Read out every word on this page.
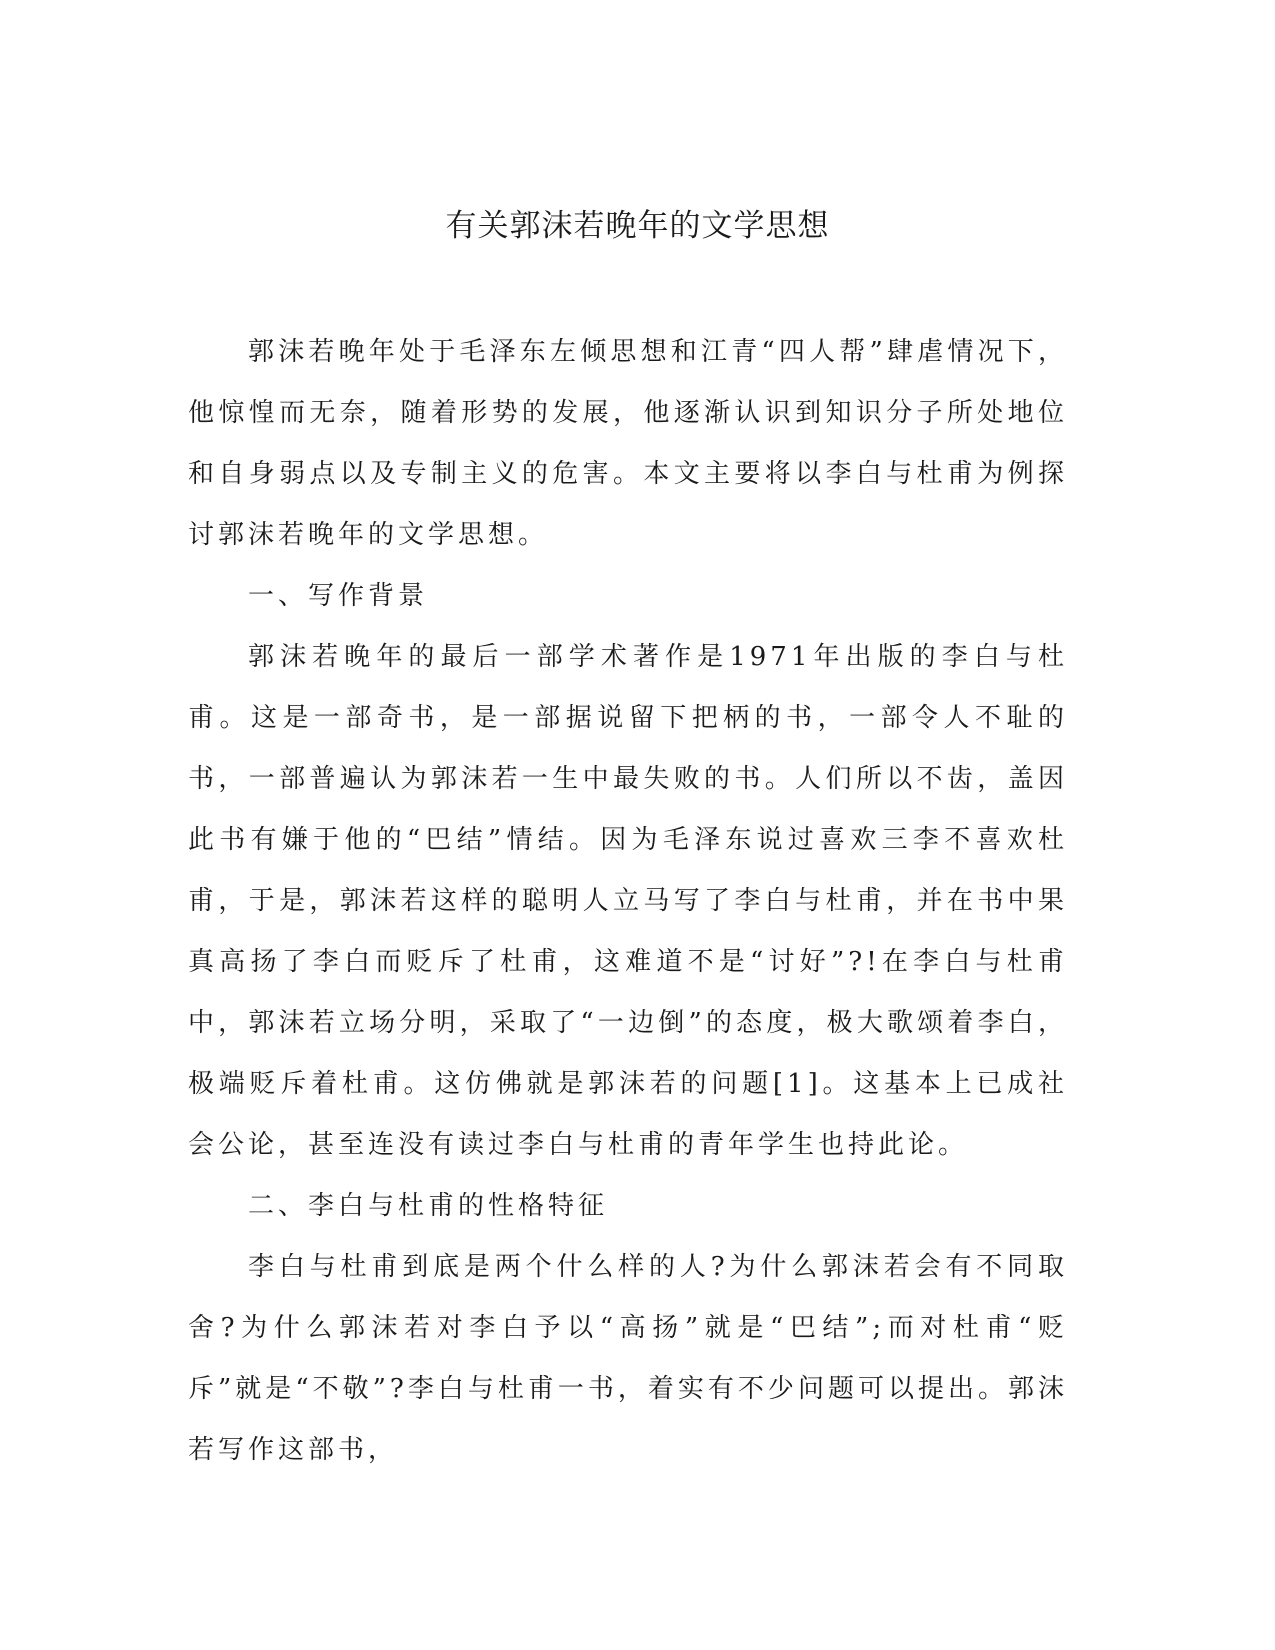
有关郭沫若晚年的文学思想

郭沫若晚年处于毛泽东左倾思想和江青“四人帮”肆虐情况下，他惊惶而无奈，随着形势的发展，他逐渐认识到知识分子所处地位和自身弱点以及专制主义的危害。本文主要将以李白与杜甫为例探讨郭沫若晚年的文学思想。

一、写作背景

郭沫若晚年的最后一部学术著作是1971年出版的李白与杜甫。这是一部奇书，是一部据说留下把柄的书，一部令人不耻的书，一部普遍认为郭沫若一生中最失败的书。人们所以不齿，盖因此书有嫌于他的“巴结”情结。因为毛泽东说过喜欢三李不喜欢杜甫，于是，郭沫若这样的聪明人立马写了李白与杜甫，并在书中果真高扬了李白而贬斥了杜甫，这难道不是“讨好”?!在李白与杜甫中，郭沫若立场分明，采取了“一边倒”的态度，极大歌颂着李白，极端贬斥着杜甫。这仿佛就是郭沫若的问题[1]。这基本上已成社会公论，甚至连没有读过李白与杜甫的青年学生也持此论。

二、李白与杜甫的性格特征

李白与杜甫到底是两个什么样的人?为什么郭沫若会有不同取舍?为什么郭沫若对李白予以“高扬”就是“巴结”;而对杜甫“贬斥”就是“不敬”?李白与杜甫一书，着实有不少问题可以提出。郭沫若写作这部书，
